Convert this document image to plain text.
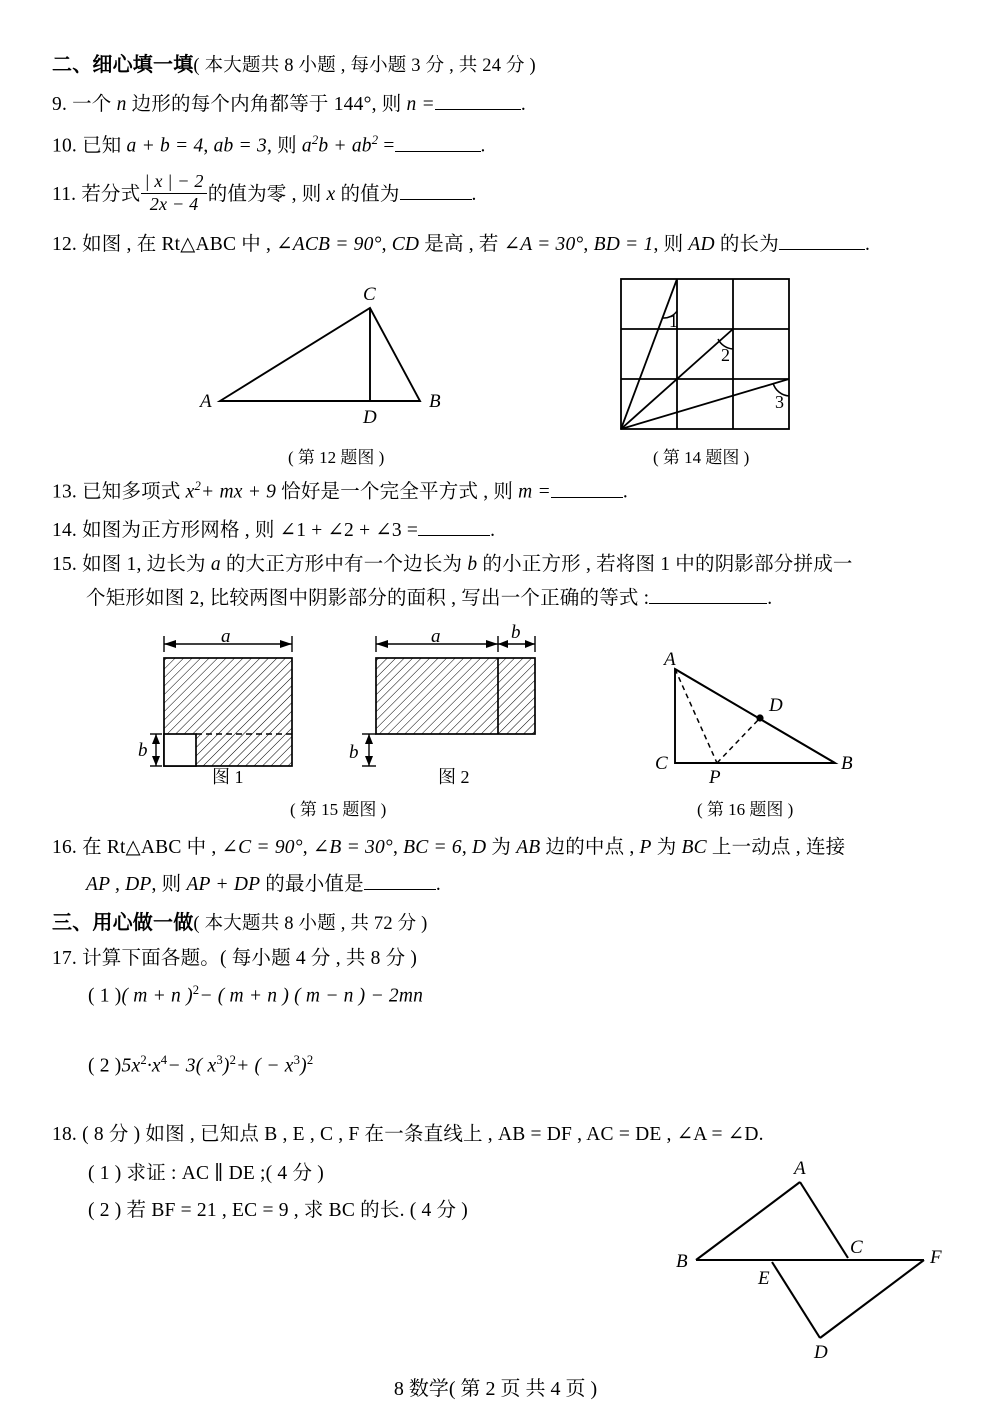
二、细心填一填( 本大题共 8 小题 , 每小题 3 分 , 共 24 分 )
9. 一个 n 边形的每个内角都等于 144°, 则 n =	.
10. 已知 a + b = 4, ab = 3, 则 $a^2b + ab^2$ =	.
11. 若分式 $\frac{| x | - 2}{2x - 4}$ 的值为零 , 则 x 的值为	.
12. 如图 , 在 Rt△ABC 中 , ∠ACB = 90°, CD 是高 , 若 ∠A = 30°, BD = 1, 则 AD 的长为	.
A	B
C
D
( 第 12 题图 )
1
2
3
( 第 14 题图 )
13. 已知多项式 $x^2+$ mx + 9 恰好是一个完全平方式 , 则 m =	.
14. 如图为正方形网格 , 则 ∠1 + ∠2 + ∠3 =	.
15. 如图 1, 边长为 a 的大正方形中有一个边长为 b 的小正方形 , 若将图 1 中的阴影部分拼成一
个矩形如图 2, 比较两图中阴影部分的面积 , 写出一个正确的等式 :	.
a
b
图 1
a	b
b
图 2
( 第 15 题图 )
A
C	B
D
P
( 第 16 题图 )
16. 在 Rt△ABC 中 , ∠C = 90°, ∠B = 30°, BC = 6, D 为 AB 边的中点 , P 为 BC 上一动点 , 连接
AP , DP, 则 AP + DP 的最小值是	.
三、用心做一做( 本大题共 8 小题 , 共 72 分 )
17. 计算下面各题。( 每小题 4 分 , 共 8 分 )
( 1 )( m + n )$^2$− ( m + n ) ( m − n ) − 2mn
( 2 )$5x^2\cdot x^4- 3$( $x^3)^2+$ ( − $x^3)^2$
18. ( 8 分 ) 如图 , 已知点 B , E , C , F 在一条直线上 , AB = DF , AC = DE , ∠A = ∠D.
( 1 ) 求证 : AC ∥ DE ;( 4 分 )
( 2 ) 若 BF = 21 , EC = 9 , 求 BC 的长. ( 4 分 )
B
A
C	F
E
D
8 数学( 第 2 页 共 4 页 )
